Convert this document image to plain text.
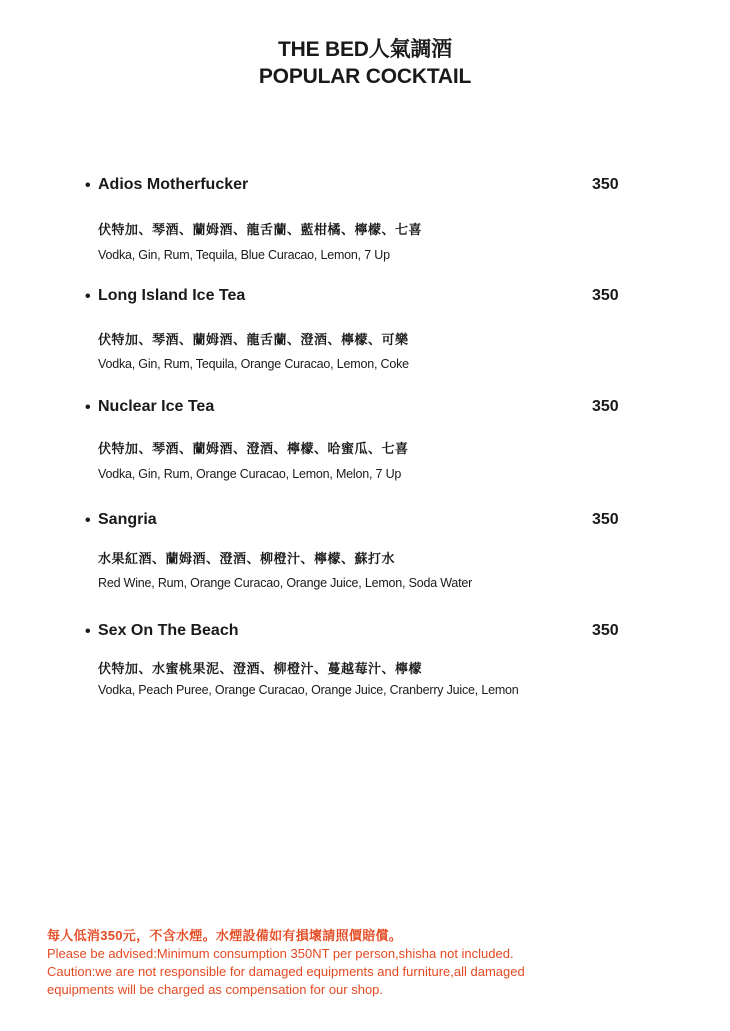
THE BED人氣調酒
POPULAR COCKTAIL
• Adios Motherfucker	350
伏特加、琴酒、蘭姆酒、龍舌蘭、藍柑橘、檸檬、七喜
Vodka, Gin, Rum, Tequila, Blue Curacao, Lemon, 7 Up
• Long Island Ice Tea	350
伏特加、琴酒、蘭姆酒、龍舌蘭、澄酒、檸檬、可樂
Vodka, Gin, Rum, Tequila, Orange Curacao, Lemon, Coke
• Nuclear Ice Tea	350
伏特加、琴酒、蘭姆酒、澄酒、檸檬、哈蜜瓜、七喜
Vodka, Gin, Rum, Orange Curacao, Lemon, Melon, 7 Up
• Sangria	350
水果紅酒、蘭姆酒、澄酒、柳橙汁、檸檬、蘇打水
Red Wine, Rum, Orange Curacao, Orange Juice, Lemon, Soda Water
• Sex On The Beach	350
伏特加、水蜜桃果泥、澄酒、柳橙汁、蔓越莓汁、檸檬
Vodka, Peach Puree, Orange Curacao, Orange Juice, Cranberry Juice, Lemon
每人低消350元，不含水煙。水煙設備如有損壞請照價賠償。
Please be advised:Minimum consumption 350NT per person,shisha not included.
Caution:we are not responsible for damaged equipments and furniture,all damaged
equipments will be charged as compensation for our shop.
